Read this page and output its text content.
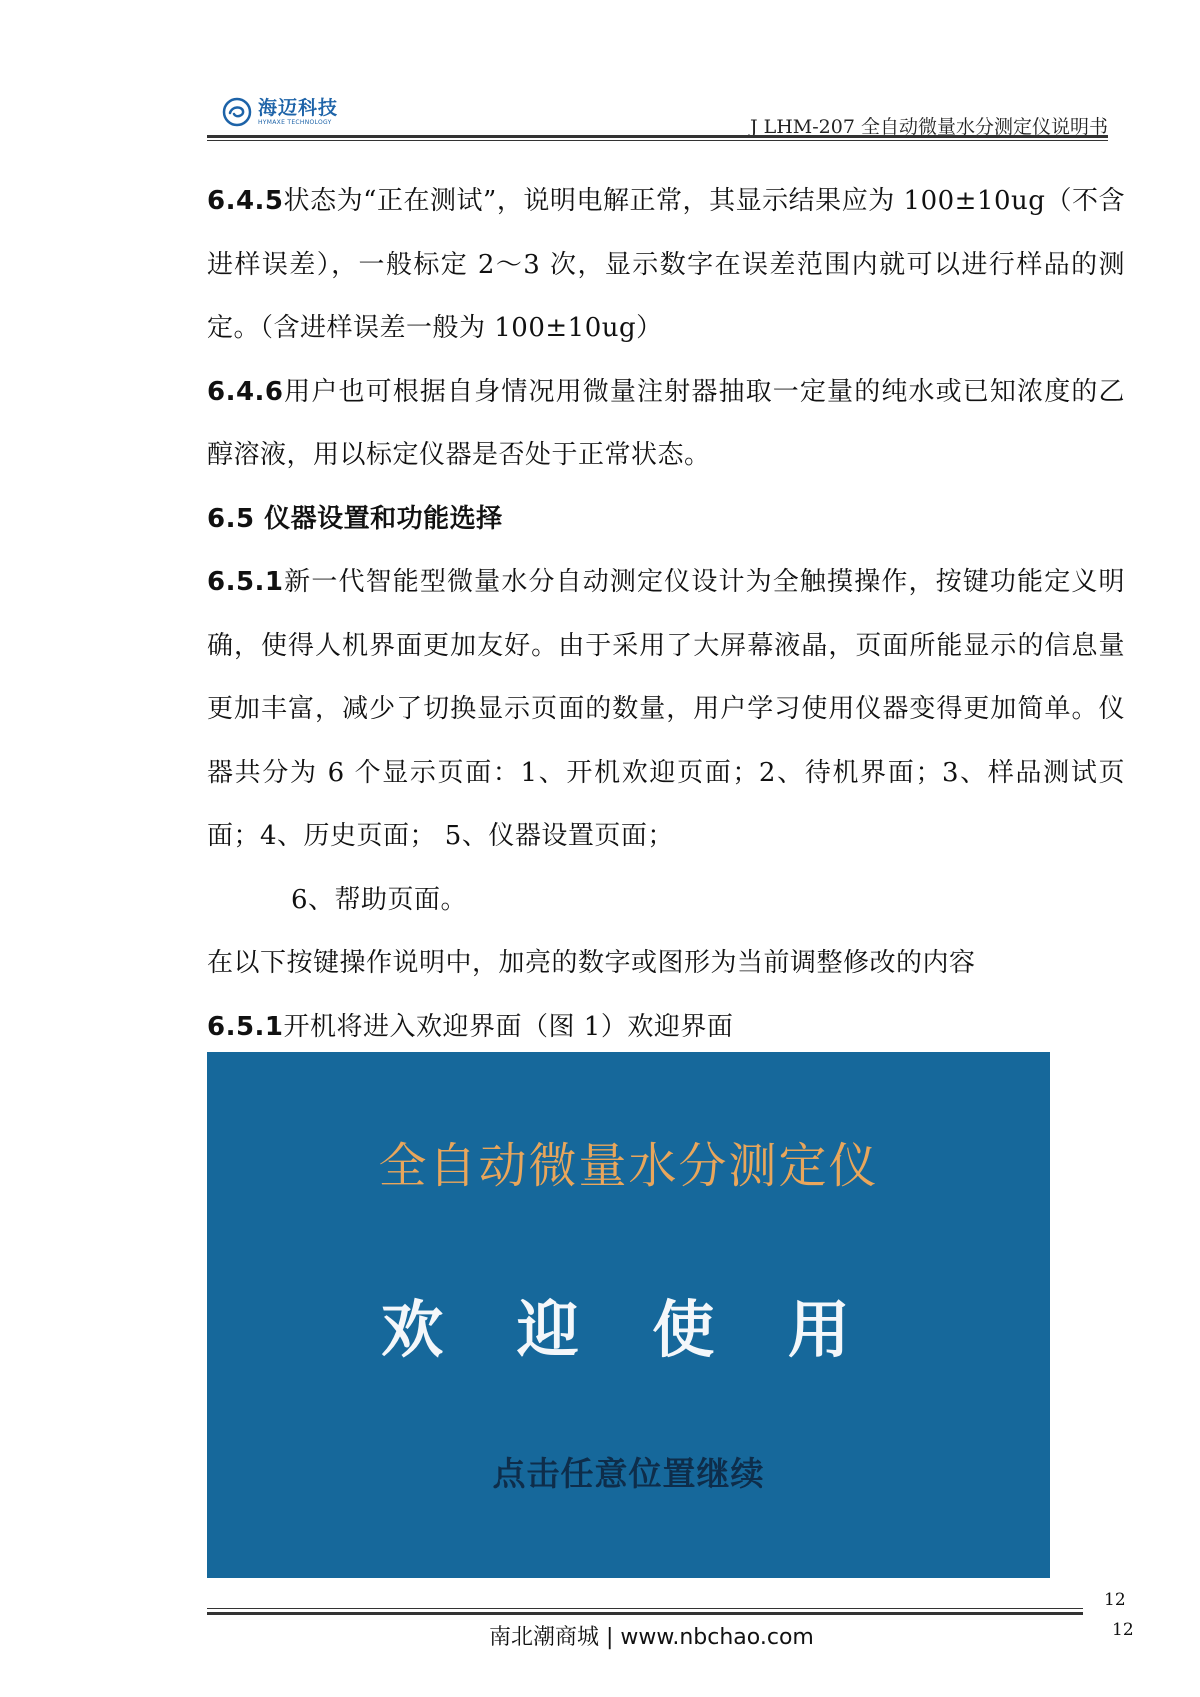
海迈科技
HYMAXE TECHNOLOGY	J LHM-207 全自动微量水分测定仪说明书

6.4.5状态为“正在测试”，说明电解正常，其显示结果应为 100±10ug（不含进样误差），一般标定 2～3 次，显示数字在误差范围内就可以进行样品的测定。（含进样误差一般为 100±10ug）

6.4.6用户也可根据自身情况用微量注射器抽取一定量的纯水或已知浓度的乙醇溶液，用以标定仪器是否处于正常状态。

6.5 仪器设置和功能选择

6.5.1新一代智能型微量水分自动测定仪设计为全触摸操作，按键功能定义明确，使得人机界面更加友好。由于采用了大屏幕液晶，页面所能显示的信息量更加丰富，减少了切换显示页面的数量，用户学习使用仪器变得更加简单。仪器共分为 6 个显示页面：1、开机欢迎页面；2、待机界面；3、样品测试页面；4、历史页面； 5、仪器设置页面；

6、帮助页面。

在以下按键操作说明中，加亮的数字或图形为当前调整修改的内容

6.5.1开机将进入欢迎界面（图 1）欢迎界面

全自动微量水分测定仪
欢 迎 使 用
点击任意位置继续
12
南北潮商城 | www.nbchao.com	12
